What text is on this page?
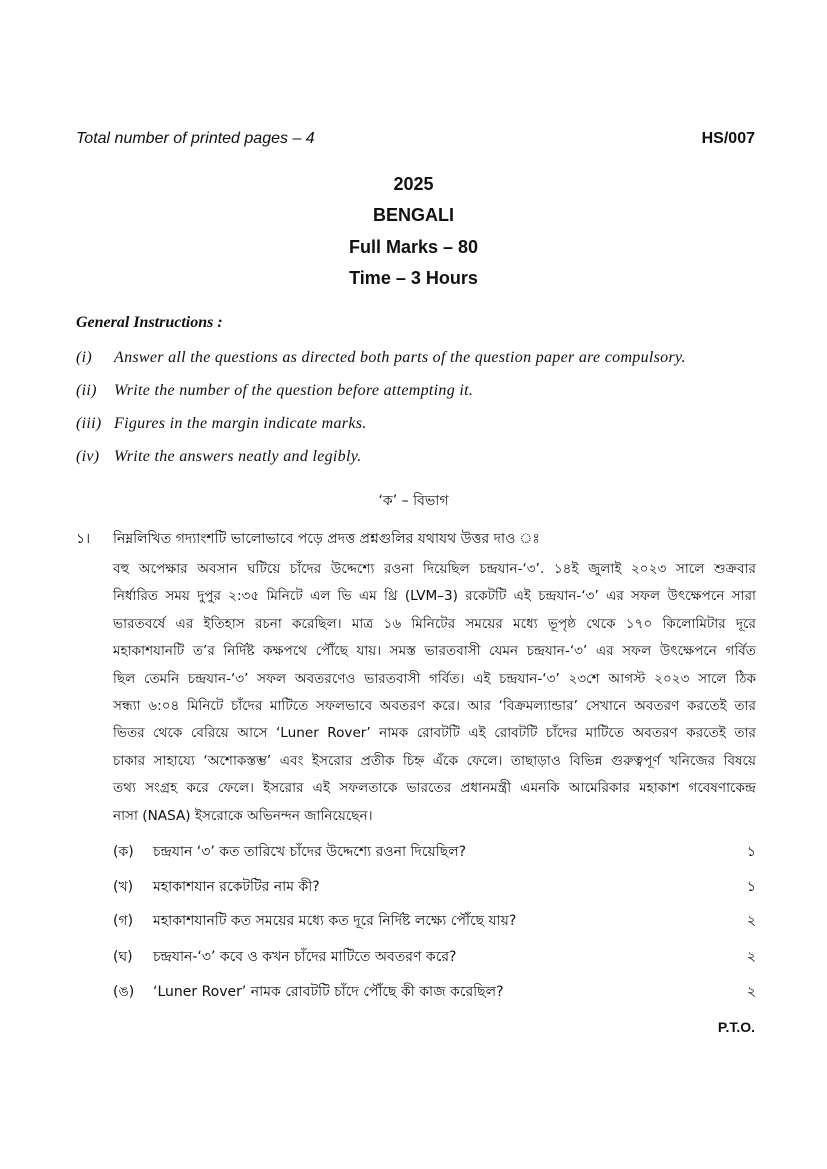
Total number of printed pages – 4	HS/007
2025
BENGALI
Full Marks – 80
Time – 3 Hours
General Instructions :
(i) Answer all the questions as directed both parts of the question paper are compulsory.
(ii) Write the number of the question before attempting it.
(iii) Figures in the margin indicate marks.
(iv) Write the answers neatly and legibly.
‘ক’ – বিভাগ
১। নিম্নলিখিত গদ্যাংশটি ভালোভাবে পড়ে প্রদত্ত প্রশ্নগুলির যথাযথ উত্তর দাও ঃ
বহু অপেক্ষার অবসান ঘটিয়ে চাঁদের উদ্দেশ্যে রওনা দিয়েছিল চন্দ্রযান-‘৩’. ১৪ই জুলাই ২০২৩ সালে শুক্রবার
নির্ধারিত সময় দুপুর ২:৩৫ মিনিটে এল ভি এম থ্রি (LVM–3) রকেটটি এই চন্দ্রযান-‘৩’ এর সফল উৎক্ষেপনে সারা
ভারতবর্ষে এর ইতিহাস রচনা করেছিল। মাত্র ১৬ মিনিটের সময়ের মধ্যে ভূপৃষ্ঠ থেকে ১৭০ কিলোমিটার দূরে
মহাকাশযানটি ত’র নির্দিষ্ট কক্ষপথে পৌঁছে যায়। সমস্ত ভারতবাসী যেমন চন্দ্রযান-‘৩’ এর সফল উৎক্ষেপনে গর্বিত
ছিল তেমনি চন্দ্রযান-‘৩’ সফল অবতরণেও ভারতবাসী গর্বিত। এই চন্দ্রযান-‘৩’ ২৩শে আগস্ট ২০২৩ সালে ঠিক
সন্ধ্যা ৬:০৪ মিনিটে চাঁদের মাটিতে সফলভাবে অবতরণ করে। আর ‘বিক্রমল্যান্ডার’ সেখানে অবতরণ করতেই তার
ভিতর থেকে বেরিয়ে আসে ‘Luner Rover’ নামক রোবটটি এই রোবটটি চাঁদের মাটিতে অবতরণ করতেই তার
চাকার সাহায্যে ‘অশোকস্তম্ভ’ এবং ইসরোর প্রতীক চিহ্ন এঁকে ফেলে। তাছাড়াও বিভিন্ন গুরুত্বপূর্ণ খনিজের বিষয়ে
তথ্য সংগ্রহ করে ফেলে। ইসরোর এই সফলতাকে ভারতের প্রধানমন্ত্রী এমনকি আমেরিকার মহাকাশ গবেষণাকেন্দ্র
নাসা (NASA) ইসরোকে অভিনন্দন জানিয়েছেন।
(ক) চন্দ্রযান ‘৩’ কত তারিখে চাঁদের উদ্দেশ্যে রওনা দিয়েছিল?	১
(খ) মহাকাশযান রকেটটির নাম কী?	১
(গ) মহাকাশযানটি কত সময়ের মধ্যে কত দূরে নির্দিষ্ট লক্ষ্যে পৌঁছে যায়?	২
(ঘ) চন্দ্রযান-‘৩’ কবে ও কখন চাঁদের মাটিতে অবতরণ করে?	২
(ঙ) ‘Luner Rover’ নামক রোবটটি চাঁদে পৌঁছে কী কাজ করেছিল?	২
P.T.O.
